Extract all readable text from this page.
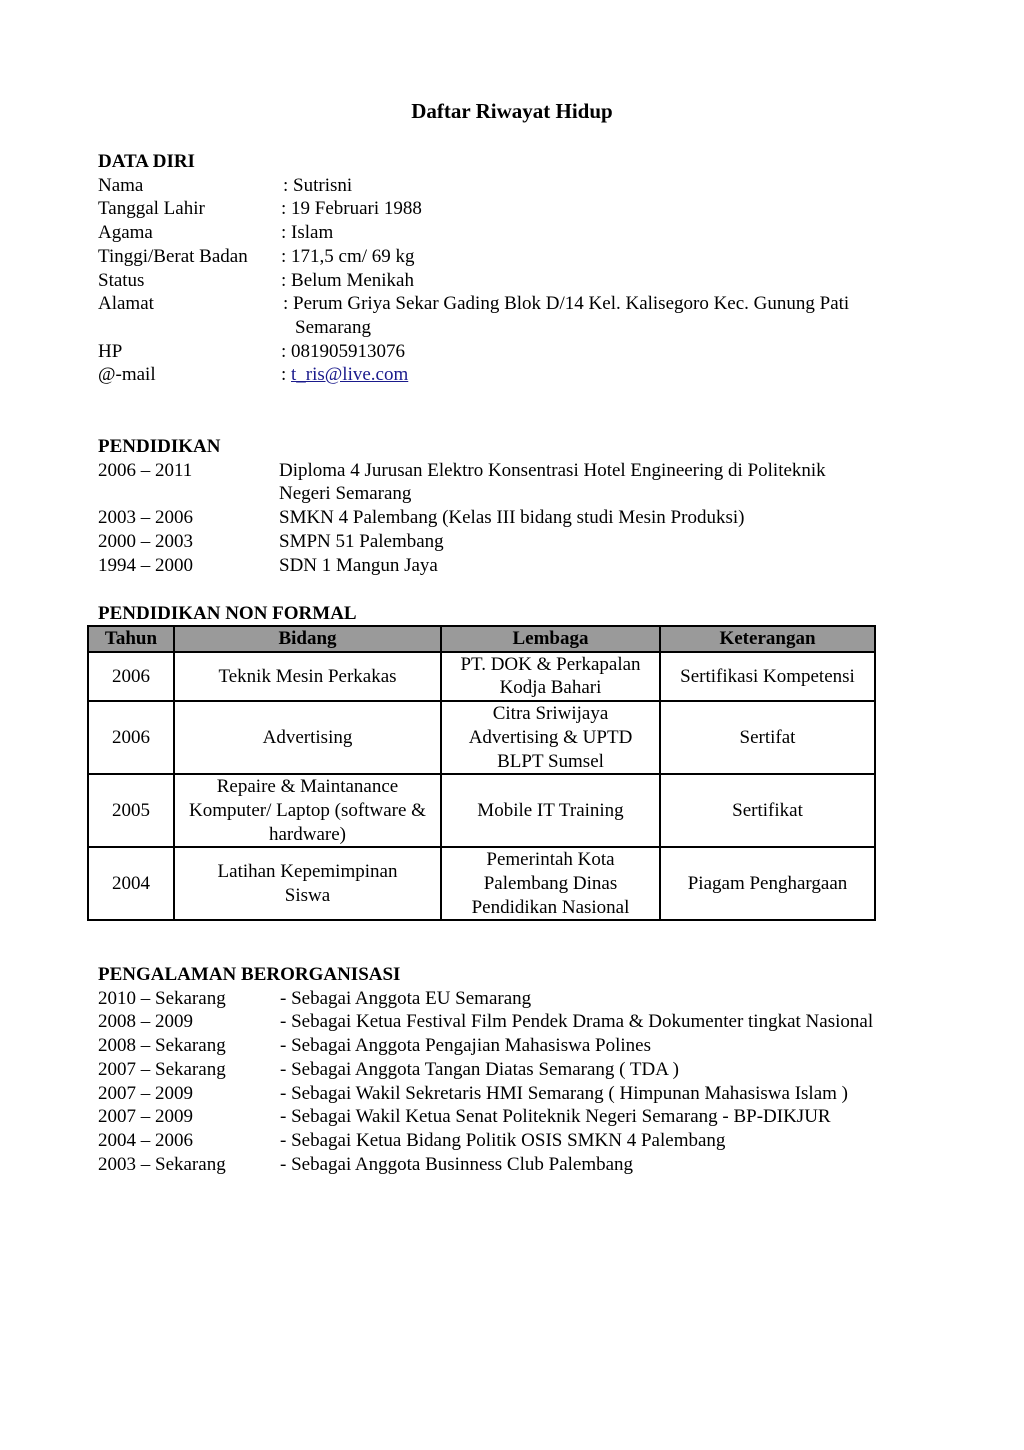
Daftar Riwayat Hidup
DATA DIRI
Nama	: Sutrisni
Tanggal Lahir	: 19 Februari 1988
Agama	: Islam
Tinggi/Berat Badan	: 171,5 cm/ 69 kg
Status	: Belum Menikah
Alamat	: Perum Griya Sekar Gading Blok D/14 Kel. Kalisegoro Kec. Gunung Pati
Semarang
HP	: 081905913076
@-mail	: t_ris@live.com
PENDIDIKAN
2006 – 2011	Diploma 4 Jurusan Elektro Konsentrasi Hotel Engineering di Politeknik Negeri Semarang
2003 – 2006	SMKN 4 Palembang (Kelas III bidang studi Mesin Produksi)
2000 – 2003	SMPN 51 Palembang
1994 – 2000	SDN 1 Mangun Jaya
PENDIDIKAN NON FORMAL
Tahun	Bidang	Lembaga	Keterangan
2006	Teknik Mesin Perkakas	PT. DOK & Perkapalan Kodja Bahari	Sertifikasi Kompetensi
2006	Advertising	Citra Sriwijaya Advertising & UPTD BLPT Sumsel	Sertifat
2005	Repaire & Maintanance Komputer/ Laptop (software & hardware)	Mobile IT Training	Sertifikat
2004	Latihan Kepemimpinan Siswa	Pemerintah Kota Palembang Dinas Pendidikan Nasional	Piagam Penghargaan
PENGALAMAN BERORGANISASI
2010 – Sekarang	- Sebagai Anggota EU Semarang
2008 – 2009	- Sebagai Ketua Festival Film Pendek Drama & Dokumenter tingkat Nasional
2008 – Sekarang	- Sebagai Anggota Pengajian Mahasiswa Polines
2007 – Sekarang	- Sebagai Anggota Tangan Diatas Semarang ( TDA )
2007 – 2009	- Sebagai Wakil Sekretaris HMI Semarang ( Himpunan Mahasiswa Islam )
2007 – 2009	- Sebagai Wakil Ketua Senat Politeknik Negeri Semarang - BP-DIKJUR
2004 – 2006	- Sebagai Ketua Bidang Politik OSIS SMKN 4 Palembang
2003 – Sekarang	- Sebagai Anggota Businness Club Palembang
